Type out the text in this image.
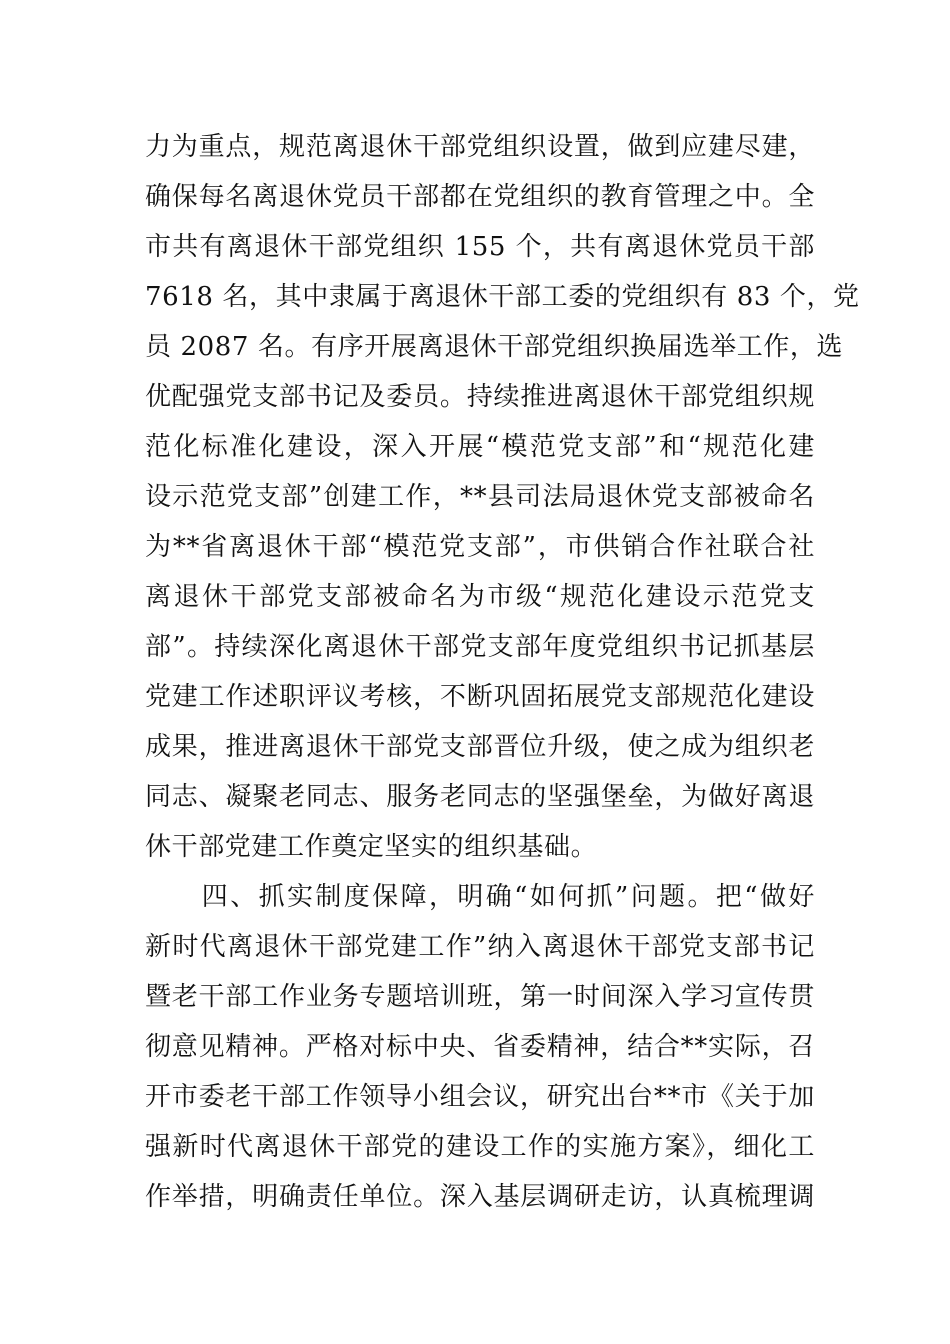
力为重点，规范离退休干部党组织设置，做到应建尽建，
确保每名离退休党员干部都在党组织的教育管理之中。全
市共有离退休干部党组织 155 个，共有离退休党员干部
7618 名，其中隶属于离退休干部工委的党组织有 83 个，党
员 2087 名。有序开展离退休干部党组织换届选举工作，选
优配强党支部书记及委员。持续推进离退休干部党组织规
范化标准化建设，深入开展“模范党支部”和“规范化建
设示范党支部”创建工作，**县司法局退休党支部被命名
为**省离退休干部“模范党支部”，市供销合作社联合社
离退休干部党支部被命名为市级“规范化建设示范党支
部”。持续深化离退休干部党支部年度党组织书记抓基层
党建工作述职评议考核，不断巩固拓展党支部规范化建设
成果，推进离退休干部党支部晋位升级，使之成为组织老
同志、凝聚老同志、服务老同志的坚强堡垒，为做好离退
休干部党建工作奠定坚实的组织基础。
　　四、抓实制度保障，明确“如何抓”问题。把“做好
新时代离退休干部党建工作”纳入离退休干部党支部书记
暨老干部工作业务专题培训班，第一时间深入学习宣传贯
彻意见精神。严格对标中央、省委精神，结合**实际，召
开市委老干部工作领导小组会议，研究出台**市《关于加
强新时代离退休干部党的建设工作的实施方案》，细化工
作举措，明确责任单位。深入基层调研走访，认真梳理调
